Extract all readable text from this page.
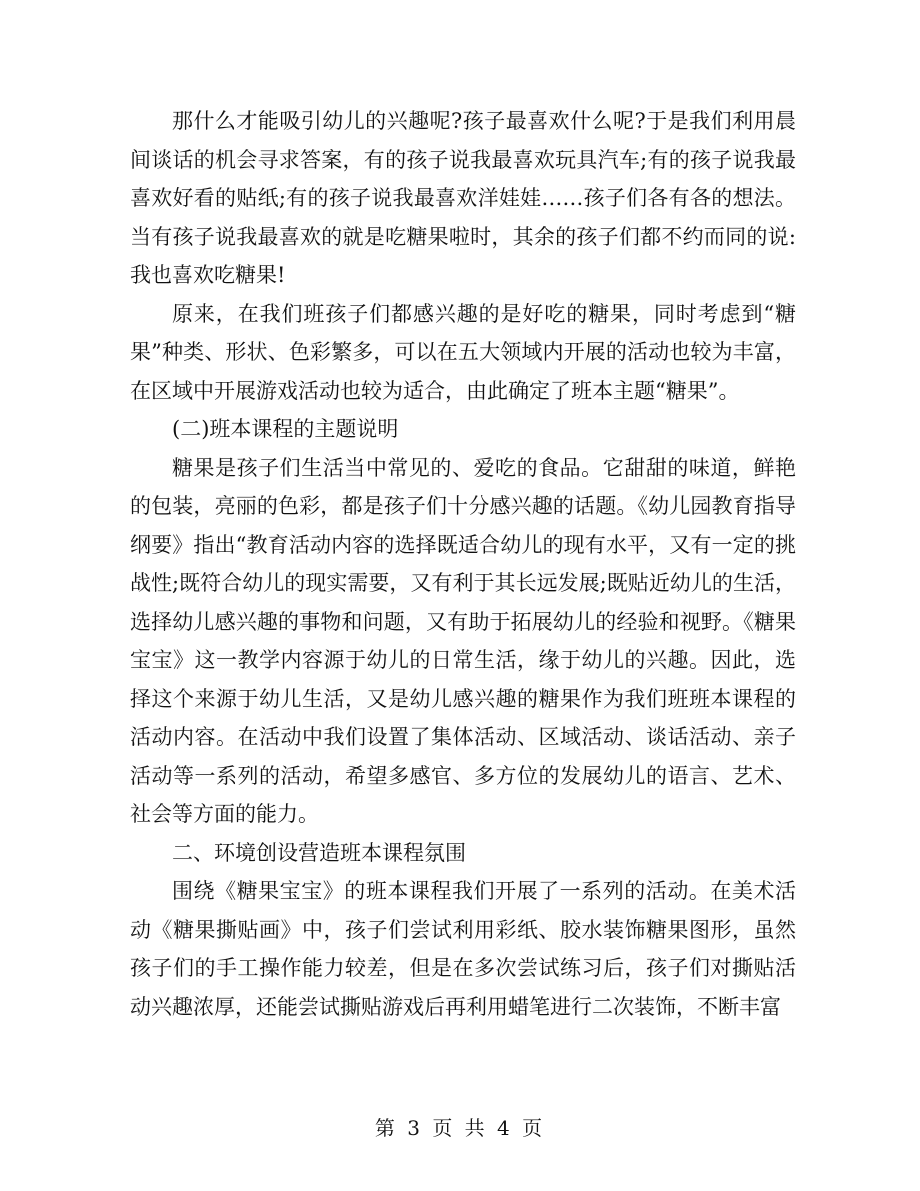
那什么才能吸引幼儿的兴趣呢?孩子最喜欢什么呢?于是我们利用晨间谈话的机会寻求答案，有的孩子说我最喜欢玩具汽车;有的孩子说我最喜欢好看的贴纸;有的孩子说我最喜欢洋娃娃……孩子们各有各的想法。当有孩子说我最喜欢的就是吃糖果啦时，其余的孩子们都不约而同的说:我也喜欢吃糖果!

原来，在我们班孩子们都感兴趣的是好吃的糖果，同时考虑到“糖果”种类、形状、色彩繁多，可以在五大领域内开展的活动也较为丰富，在区域中开展游戏活动也较为适合，由此确定了班本主题“糖果”。

(二)班本课程的主题说明

糖果是孩子们生活当中常见的、爱吃的食品。它甜甜的味道，鲜艳的包装，亮丽的色彩，都是孩子们十分感兴趣的话题。《幼儿园教育指导纲要》指出“教育活动内容的选择既适合幼儿的现有水平，又有一定的挑战性;既符合幼儿的现实需要，又有利于其长远发展;既贴近幼儿的生活，选择幼儿感兴趣的事物和问题，又有助于拓展幼儿的经验和视野。《糖果宝宝》这一教学内容源于幼儿的日常生活，缘于幼儿的兴趣。因此，选择这个来源于幼儿生活，又是幼儿感兴趣的糖果作为我们班班本课程的活动内容。在活动中我们设置了集体活动、区域活动、谈话活动、亲子活动等一系列的活动，希望多感官、多方位的发展幼儿的语言、艺术、社会等方面的能力。

二、环境创设营造班本课程氛围

围绕《糖果宝宝》的班本课程我们开展了一系列的活动。在美术活动《糖果撕贴画》中，孩子们尝试利用彩纸、胶水装饰糖果图形，虽然孩子们的手工操作能力较差，但是在多次尝试练习后，孩子们对撕贴活动兴趣浓厚，还能尝试撕贴游戏后再利用蜡笔进行二次装饰，不断丰富

第 3 页 共 4 页
